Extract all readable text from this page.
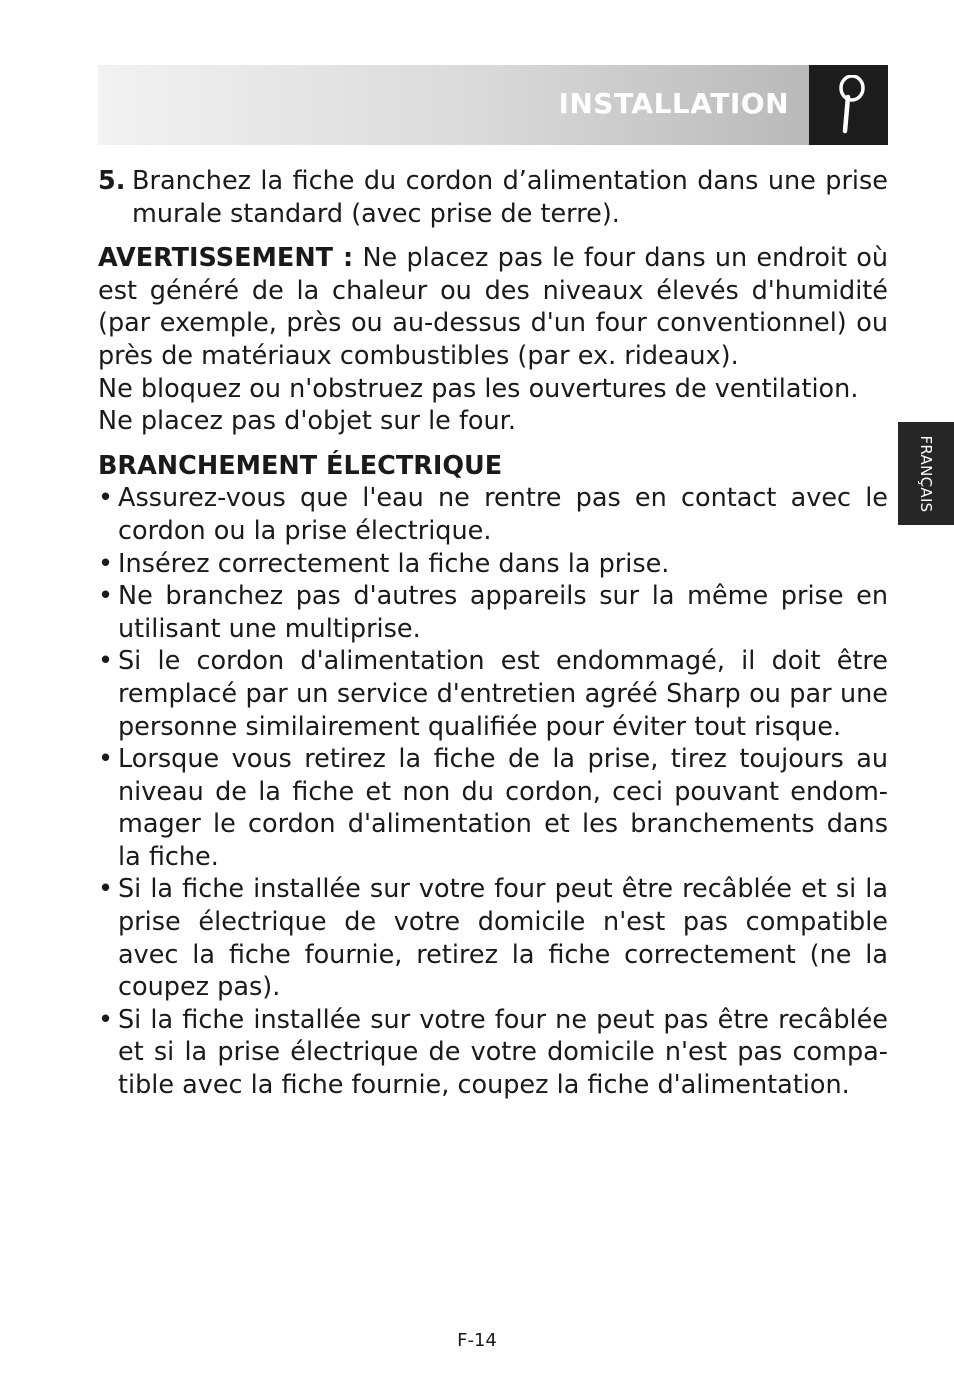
INSTALLATION
FRANÇAIS
5. Branchez la fiche du cordon d’alimentation dans une prise murale standard (avec prise de terre).
AVERTISSEMENT : Ne placez pas le four dans un endroit où est généré de la chaleur ou des niveaux élevés d'humidité (par exemple, près ou au-dessus d'un four conventionnel) ou près de matériaux combustibles (par ex. rideaux).
Ne bloquez ou n'obstruez pas les ouvertures de ventilation.
Ne placez pas d'objet sur le four.
BRANCHEMENT ÉLECTRIQUE
• Assurez-vous que l'eau ne rentre pas en contact avec le cordon ou la prise électrique.
• Insérez correctement la fiche dans la prise.
• Ne branchez pas d'autres appareils sur la même prise en utilisant une multiprise.
• Si le cordon d'alimentation est endommagé, il doit être remplacé par un service d'entretien agréé Sharp ou par une personne similairement qualifiée pour éviter tout risque.
• Lorsque vous retirez la fiche de la prise, tirez toujours au niveau de la fiche et non du cordon, ceci pouvant endommager le cordon d'alimentation et les branchements dans la fiche.
• Si la fiche installée sur votre four peut être recâblée et si la prise électrique de votre domicile n'est pas compatible avec la fiche fournie, retirez la fiche correctement (ne la coupez pas).
• Si la fiche installée sur votre four ne peut pas être recâblée et si la prise électrique de votre domicile n'est pas compatible avec la fiche fournie, coupez la fiche d'alimentation.
F-14
